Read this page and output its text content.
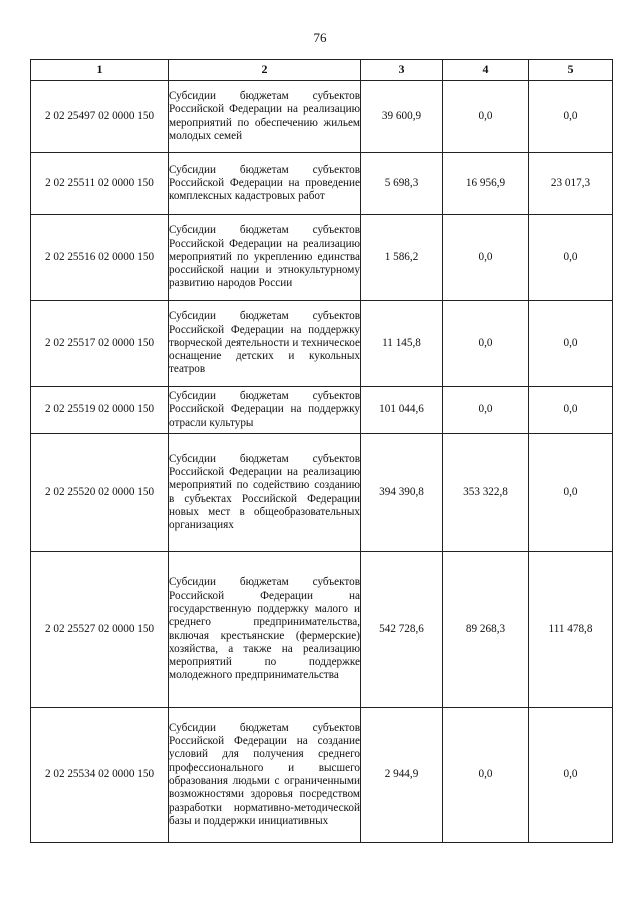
76
1	2	3	4	5
2 02 25497 02 0000 150	Субсидии бюджетам субъектов Российской Федерации на реализацию мероприятий по обеспечению жильем молодых семей	39 600,9	0,0	0,0
2 02 25511 02 0000 150	Субсидии бюджетам субъектов Российской Федерации на проведение комплексных кадастровых работ	5 698,3	16 956,9	23 017,3
2 02 25516 02 0000 150	Субсидии бюджетам субъектов Российской Федерации на реализацию мероприятий по укреплению единства российской нации и этнокультурному развитию народов России	1 586,2	0,0	0,0
2 02 25517 02 0000 150	Субсидии бюджетам субъектов Российской Федерации на поддержку творческой деятельности и техническое оснащение детских и кукольных театров	11 145,8	0,0	0,0
2 02 25519 02 0000 150	Субсидии бюджетам субъектов Российской Федерации на поддержку отрасли культуры	101 044,6	0,0	0,0
2 02 25520 02 0000 150	Субсидии бюджетам субъектов Российской Федерации на реализацию мероприятий по содействию созданию в субъектах Российской Федерации новых мест в общеобразовательных организациях	394 390,8	353 322,8	0,0
2 02 25527 02 0000 150	Субсидии бюджетам субъектов Российской Федерации на государственную поддержку малого и среднего предпринимательства, включая крестьянские (фермерские) хозяйства, а также на реализацию мероприятий по поддержке молодежного предпринимательства	542 728,6	89 268,3	111 478,8
2 02 25534 02 0000 150	Субсидии бюджетам субъектов Российской Федерации на создание условий для получения среднего профессионального и высшего образования людьми с ограниченными возможностями здоровья посредством разработки нормативно-методической базы и поддержки инициативных	2 944,9	0,0	0,0
